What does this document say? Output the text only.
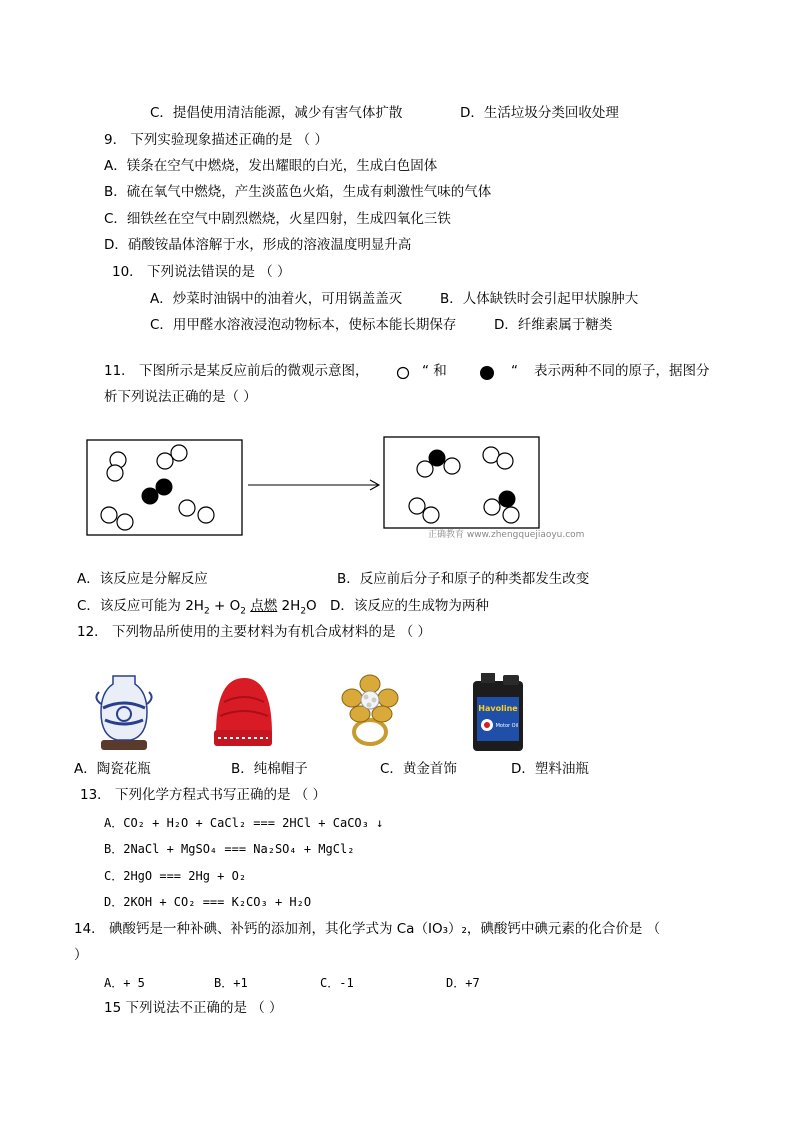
C．提倡使用清洁能源，减少有害气体扩散	D．生活垃圾分类回收处理
9． 下列实验现象描述正确的是 （ ）
A．镁条在空气中燃烧，发出耀眼的白光，生成白色固体
B．硫在氧气中燃烧，产生淡蓝色火焰，生成有刺激性气味的气体
C．细铁丝在空气中剧烈燃烧，火星四射，生成四氧化三铁
D．硝酸铵晶体溶解于水，形成的溶液温度明显升高
10． 下列说法错误的是 （ ）
A．炒菜时油锅中的油着火，可用锅盖盖灭	B．人体缺铁时会引起甲状腺肿大
C．用甲醛水溶液浸泡动物标本，使标本能长期保存	D．纤维素属于糖类
11． 下图所示是某反应前后的微观示意图，	“ 和	“ 表示两种不同的原子，据图分
析下列说法正确的是（ ）
正确教育 www.zhengquejiaoyu.com
A．该反应是分解反应	B．反应前后分子和原子的种类都发生改变
C．该反应可能为 $2H_2 + O_2$ 点燃 $2H_2O$ D．该反应的生成物为两种
12． 下列物品所使用的主要材料为有机合成材料的是 （ ）
Havoline
Motor Oil
A．陶瓷花瓶	B．纯棉帽子	C．黄金首饰	D．塑料油瓶
13． 下列化学方程式书写正确的是 （ ）
A．CO₂ + H₂O + CaCl₂ === 2HCl + CaCO₃ ↓
B．2NaCl + MgSO₄ === Na₂SO₄ + MgCl₂
C．2HgO === 2Hg + O₂
D．2KOH + CO₂ === K₂CO₃ + H₂O
14． 碘酸钙是一种补碘、补钙的添加剂，其化学式为 Ca（IO₃）₂，碘酸钙中碘元素的化合价是 （
）
A．+ 5	B．+1	C．-1	D．+7
15 下列说法不正确的是 （ ）
